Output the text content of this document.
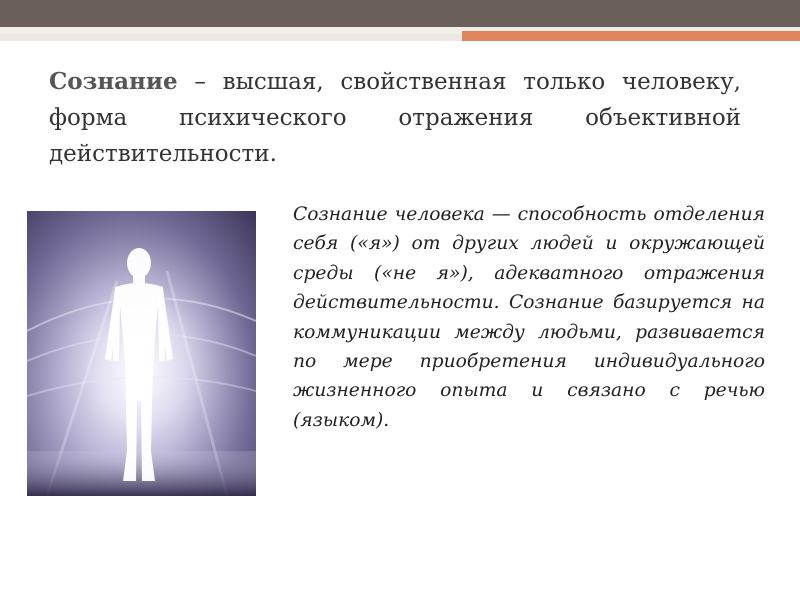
Сознание – высшая, свойственная только человеку, форма психического отражения объективной действительности.

Сознание человека — способность отделения себя («я») от других людей и окружающей среды («не я»), адекватного отражения действительности. Сознание базируется на коммуникации между людьми, развивается по мере приобретения индивидуального жизненного опыта и связано с речью (языком).
